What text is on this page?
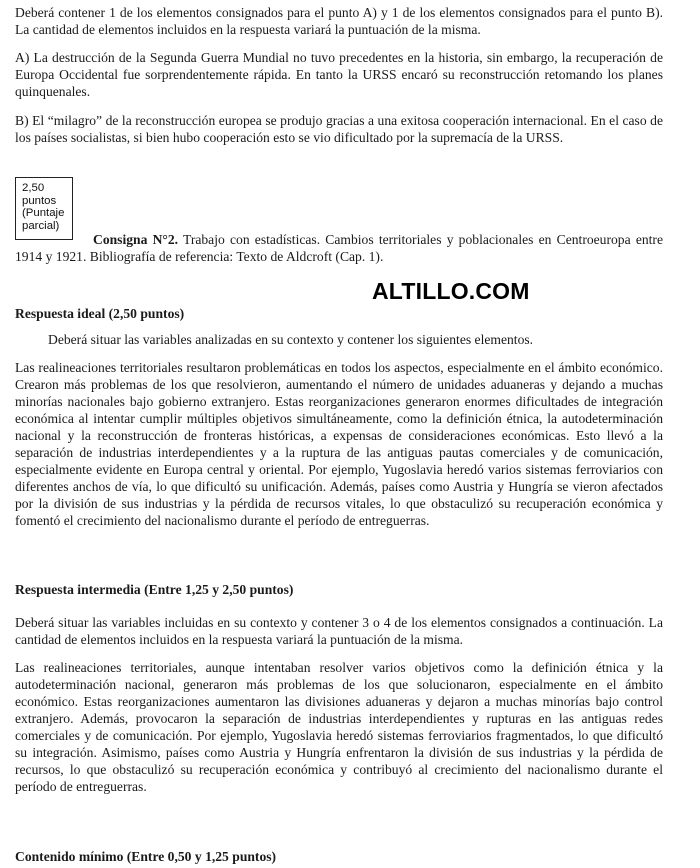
Deberá contener 1 de los elementos consignados para el punto A) y 1 de los elementos consignados para el punto B). La cantidad de elementos incluidos en la respuesta variará la puntuación de la misma.

A) La destrucción de la Segunda Guerra Mundial no tuvo precedentes en la historia, sin embargo, la recuperación de Europa Occidental fue sorprendentemente rápida. En tanto la URSS encaró su reconstrucción retomando los planes quinquenales.

B) El “milagro” de la reconstrucción europea se produjo gracias a una exitosa cooperación internacional. En el caso de los países socialistas, si bien hubo cooperación esto se vio dificultado por la supremacía de la URSS.

2,50
puntos
(Puntaje
parcial)

Consigna N°2. Trabajo con estadísticas. Cambios territoriales y poblacionales en Centroeuropa entre 1914 y 1921. Bibliografía de referencia: Texto de Aldcroft (Cap. 1).

ALTILLO.COM
Respuesta ideal (2,50 puntos)

Deberá situar las variables analizadas en su contexto y contener los siguientes elementos.

Las realineaciones territoriales resultaron problemáticas en todos los aspectos, especialmente en el ámbito económico. Crearon más problemas de los que resolvieron, aumentando el número de unidades aduaneras y dejando a muchas minorías nacionales bajo gobierno extranjero. Estas reorganizaciones generaron enormes dificultades de integración económica al intentar cumplir múltiples objetivos simultáneamente, como la definición étnica, la autodeterminación nacional y la reconstrucción de fronteras históricas, a expensas de consideraciones económicas. Esto llevó a la separación de industrias interdependientes y a la ruptura de las antiguas pautas comerciales y de comunicación, especialmente evidente en Europa central y oriental. Por ejemplo, Yugoslavia heredó varios sistemas ferroviarios con diferentes anchos de vía, lo que dificultó su unificación. Además, países como Austria y Hungría se vieron afectados por la división de sus industrias y la pérdida de recursos vitales, lo que obstaculizó su recuperación económica y fomentó el crecimiento del nacionalismo durante el período de entreguerras.

Respuesta intermedia (Entre 1,25 y 2,50 puntos)

Deberá situar las variables incluidas en su contexto y contener 3 o 4 de los elementos consignados a continuación. La cantidad de elementos incluidos en la respuesta variará la puntuación de la misma.

Las realineaciones territoriales, aunque intentaban resolver varios objetivos como la definición étnica y la autodeterminación nacional, generaron más problemas de los que solucionaron, especialmente en el ámbito económico. Estas reorganizaciones aumentaron las divisiones aduaneras y dejaron a muchas minorías bajo control extranjero. Además, provocaron la separación de industrias interdependientes y rupturas en las antiguas redes comerciales y de comunicación. Por ejemplo, Yugoslavia heredó sistemas ferroviarios fragmentados, lo que dificultó su integración. Asimismo, países como Austria y Hungría enfrentaron la división de sus industrias y la pérdida de recursos, lo que obstaculizó su recuperación económica y contribuyó al crecimiento del nacionalismo durante el período de entreguerras.

Contenido mínimo (Entre 0,50 y 1,25 puntos)
